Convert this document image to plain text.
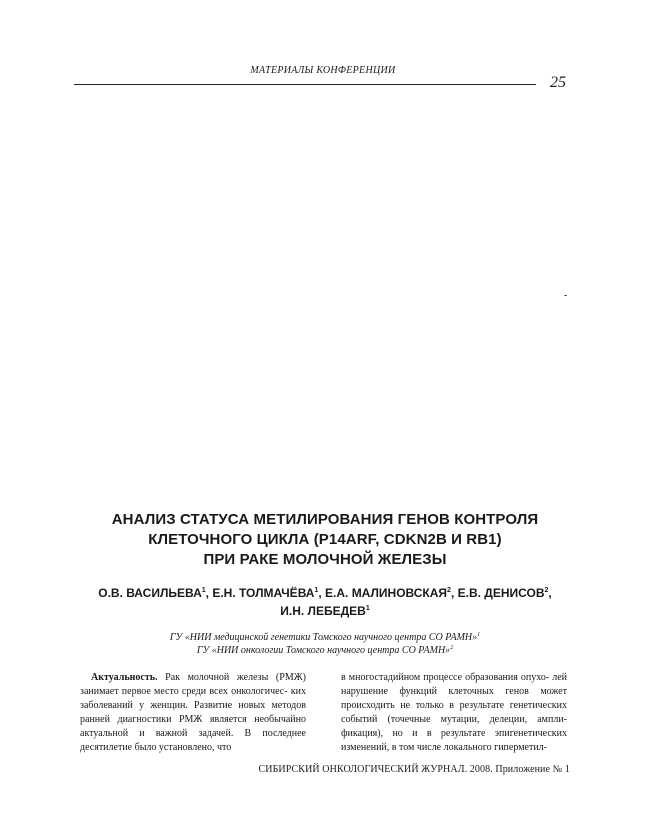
МАТЕРИАЛЫ КОНФЕРЕНЦИИ
25
-
АНАЛИЗ СТАТУСА МЕТИЛИРОВАНИЯ ГЕНОВ КОНТРОЛЯ
КЛЕТОЧНОГО ЦИКЛА (P14ARF, CDKN2B И RB1)
ПРИ РАКЕ МОЛОЧНОЙ ЖЕЛЕЗЫ
О.В. ВАСИЛЬЕВА$^1$, Е.Н. ТОЛМАЧЁВА$^1$, Е.А. МАЛИНОВСКАЯ$^2$, Е.В. ДЕНИСОВ$^2$,
И.Н. ЛЕБЕДЕВ$^1$
ГУ «НИИ медицинской генетики Томского научного центра СО РАМН»$^1$
ГУ «НИИ онкологии Томского научного центра СО РАМН»$^2$

Актуальность. Рак молочной железы (РМЖ) занимает первое место среди всех онкологичес- ких заболеваний у женщин. Развитие новых методов ранней диагностики РМЖ является необычайно актуальной и важной задачей. В последнее десятилетие было установлено, что

в многостадийном процессе образования опухо- лей нарушение функций клеточных генов может происходить не только в результате генетических событий (точечные мутации, делеции, ампли- фикация), но и в результате эпигенетических изменений, в том числе локального гиперметил-

СИБИРСКИЙ ОНКОЛОГИЧЕСКИЙ ЖУРНАЛ. 2008. Приложение № 1
